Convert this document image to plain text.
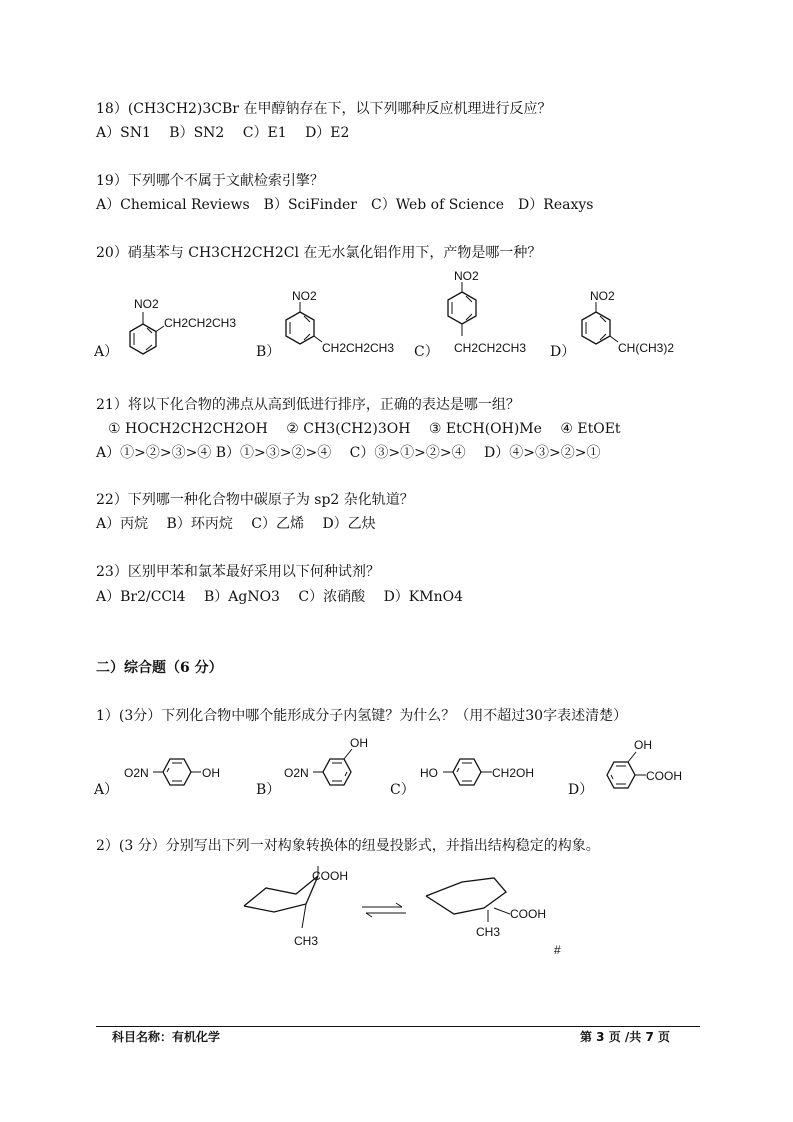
18）(CH3CH2)3CBr 在甲醇钠存在下，以下列哪种反应机理进行反应？
A）SN1　 B）SN2　 C）E1　 D）E2
19）下列哪个不属于文献检索引擎？
A）Chemical Reviews　B）SciFinder　C）Web of Science　D）Reaxys
20）硝基苯与 CH3CH2CH2Cl 在无水氯化铝作用下，产物是哪一种？
A）
NO2
CH2CH2CH3
B）
NO2
CH2CH2CH3 C）
NO2
CH2CH2CH3 D）
NO2
CH(CH3)2
21）将以下化合物的沸点从高到低进行排序，正确的表达是哪一组？
① HOCH2CH2CH2OH　 ② CH3(CH2)3OH　 ③ EtCH(OH)Me　 ④ EtOEt
A）①>②>③>④ B）①>③>②>④　 C）③>①>②>④　 D）④>③>②>①
22）下列哪一种化合物中碳原子为 sp2 杂化轨道？
A）丙烷　 B）环丙烷　 C）乙烯　 D）乙炔
23）区别甲苯和氯苯最好采用以下何种试剂？
A）Br2/CCl4　 B）AgNO3　 C）浓硝酸　 D）KMnO4
二）综合题（6 分）
1）(3分）下列化合物中哪个能形成分子内氢键？为什么？（用不超过30字表述清楚）
A）
O2N	OH
B）
O2N
OH
C）
HO	CH2OH
D）
OH
COOH
2）(3 分）分别写出下列一对构象转换体的纽曼投影式，并指出结构稳定的构象。
COOH
CH3
COOH
CH3
#
科目名称：有机化学	第 3 页 /共 7 页
